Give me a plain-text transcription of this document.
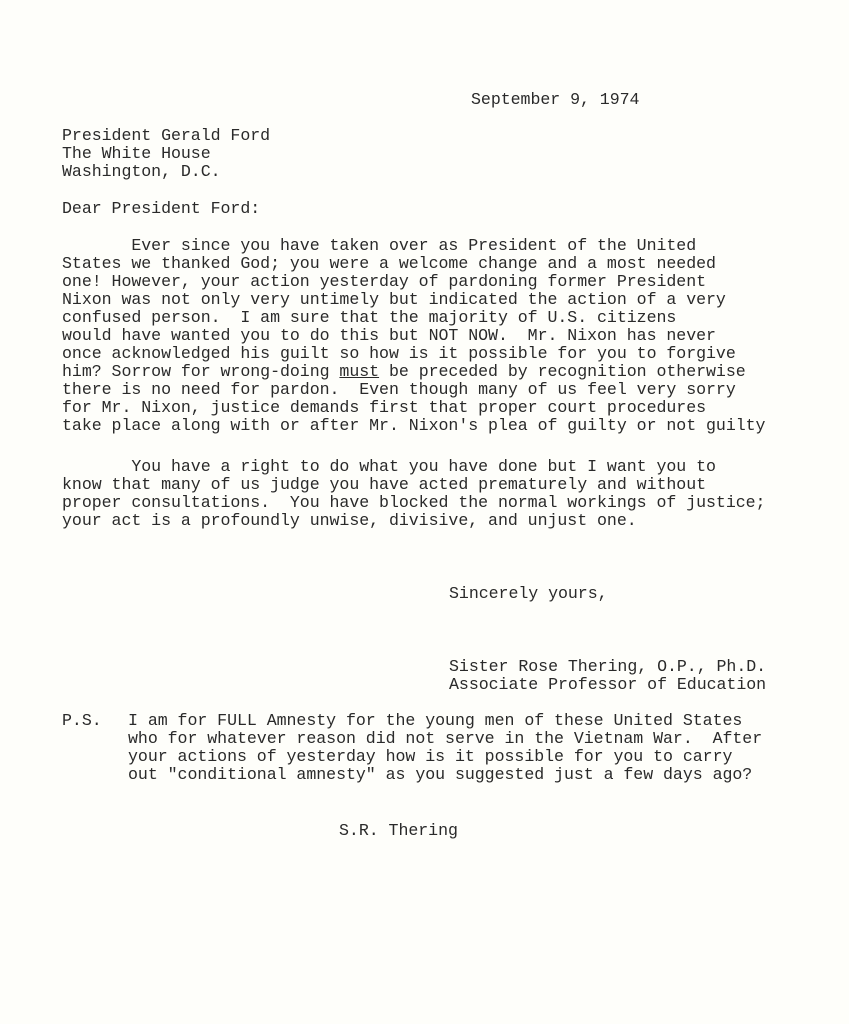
September 9, 1974
President Gerald Ford
The White House
Washington, D.C.
Dear President Ford:
Ever since you have taken over as President of the United
States we thanked God; you were a welcome change and a most needed
one! However, your action yesterday of pardoning former President
Nixon was not only very untimely but indicated the action of a very
confused person.  I am sure that the majority of U.S. citizens
would have wanted you to do this but NOT NOW.  Mr. Nixon has never
once acknowledged his guilt so how is it possible for you to forgive
him? Sorrow for wrong-doing must be preceded by recognition otherwise
there is no need for pardon.  Even though many of us feel very sorry
for Mr. Nixon, justice demands first that proper court procedures
take place along with or after Mr. Nixon's plea of guilty or not guilty
You have a right to do what you have done but I want you to
know that many of us judge you have acted prematurely and without
proper consultations.  You have blocked the normal workings of justice;
your act is a profoundly unwise, divisive, and unjust one.
Sincerely yours,
Sister Rose Thering, O.P., Ph.D.
Associate Professor of Education
P.S. I am for FULL Amnesty for the young men of these United States
who for whatever reason did not serve in the Vietnam War.  After
your actions of yesterday how is it possible for you to carry
out "conditional amnesty" as you suggested just a few days ago?
S.R. Thering
